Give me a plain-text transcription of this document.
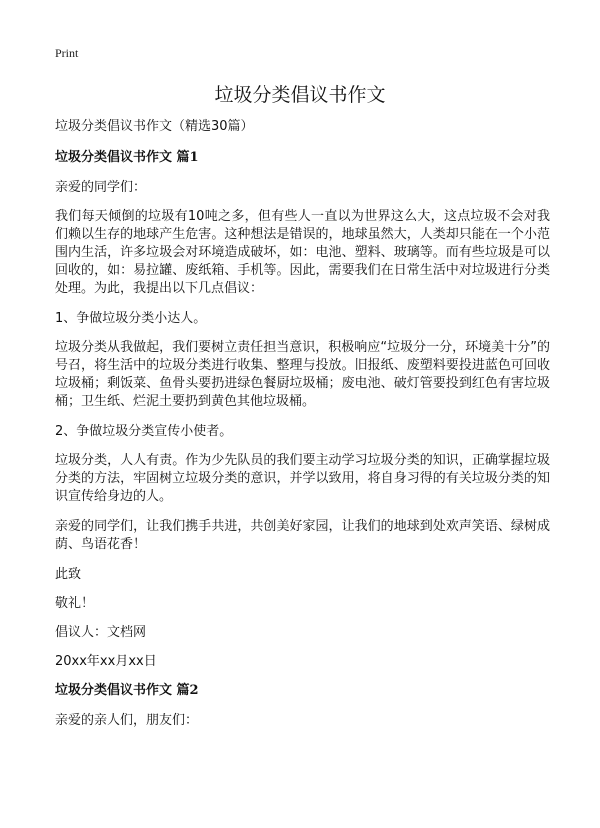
Print
垃圾分类倡议书作文

垃圾分类倡议书作文（精选30篇）

垃圾分类倡议书作文 篇1

亲爱的同学们：

我们每天倾倒的垃圾有10吨之多，但有些人一直以为世界这么大，这点垃圾不会对我们赖以生存的地球产生危害。这种想法是错误的，地球虽然大，人类却只能在一个小范围内生活，许多垃圾会对环境造成破坏，如：电池、塑料、玻璃等。而有些垃圾是可以回收的，如：易拉罐、废纸箱、手机等。因此，需要我们在日常生活中对垃圾进行分类处理。为此，我提出以下几点倡议：

1、争做垃圾分类小达人。

垃圾分类从我做起，我们要树立责任担当意识，积极响应“垃圾分一分，环境美十分”的号召，将生活中的垃圾分类进行收集、整理与投放。旧报纸、废塑料要投进蓝色可回收垃圾桶；剩饭菜、鱼骨头要扔进绿色餐厨垃圾桶；废电池、破灯管要投到红色有害垃圾桶；卫生纸、烂泥土要扔到黄色其他垃圾桶。

2、争做垃圾分类宣传小使者。

垃圾分类，人人有责。作为少先队员的我们要主动学习垃圾分类的知识，正确掌握垃圾分类的方法，牢固树立垃圾分类的意识，并学以致用，将自身习得的有关垃圾分类的知识宣传给身边的人。

亲爱的同学们，让我们携手共进，共创美好家园，让我们的地球到处欢声笑语、绿树成荫、鸟语花香！

此致

敬礼！

倡议人：文档网

20xx年xx月xx日

垃圾分类倡议书作文 篇2

亲爱的亲人们，朋友们：
